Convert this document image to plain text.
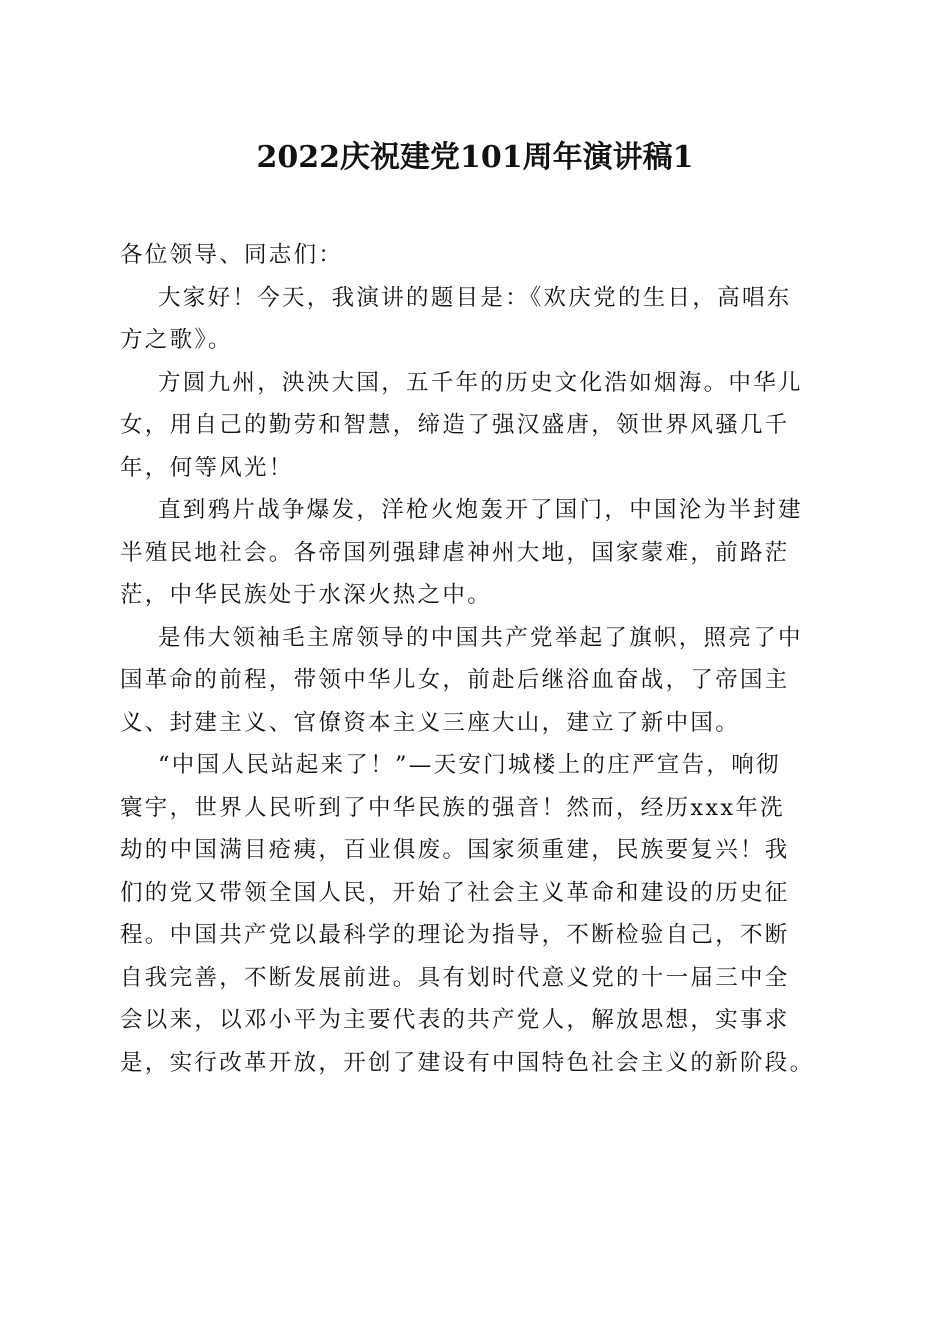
2022庆祝建党101周年演讲稿1

各位领导、同志们：

大家好！今天，我演讲的题目是：《欢庆党的生日，高唱东
方之歌》。

方圆九州，泱泱大国，五千年的历史文化浩如烟海。中华儿
女，用自己的勤劳和智慧，缔造了强汉盛唐，领世界风骚几千
年，何等风光！

直到鸦片战争爆发，洋枪火炮轰开了国门，中国沦为半封建
半殖民地社会。各帝国列强肆虐神州大地，国家蒙难，前路茫
茫，中华民族处于水深火热之中。

是伟大领袖毛主席领导的中国共产党举起了旗帜，照亮了中
国革命的前程，带领中华儿女，前赴后继浴血奋战，了帝国主
义、封建主义、官僚资本主义三座大山，建立了新中国。

“中国人民站起来了！”—天安门城楼上的庄严宣告，响彻
寰宇，世界人民听到了中华民族的强音！然而，经历xxx年洗
劫的中国满目疮痍，百业俱废。国家须重建，民族要复兴！我
们的党又带领全国人民，开始了社会主义革命和建设的历史征
程。中国共产党以最科学的理论为指导，不断检验自己，不断
自我完善，不断发展前进。具有划时代意义党的十一届三中全
会以来，以邓小平为主要代表的共产党人，解放思想，实事求
是，实行改革开放，开创了建设有中国特色社会主义的新阶段。
